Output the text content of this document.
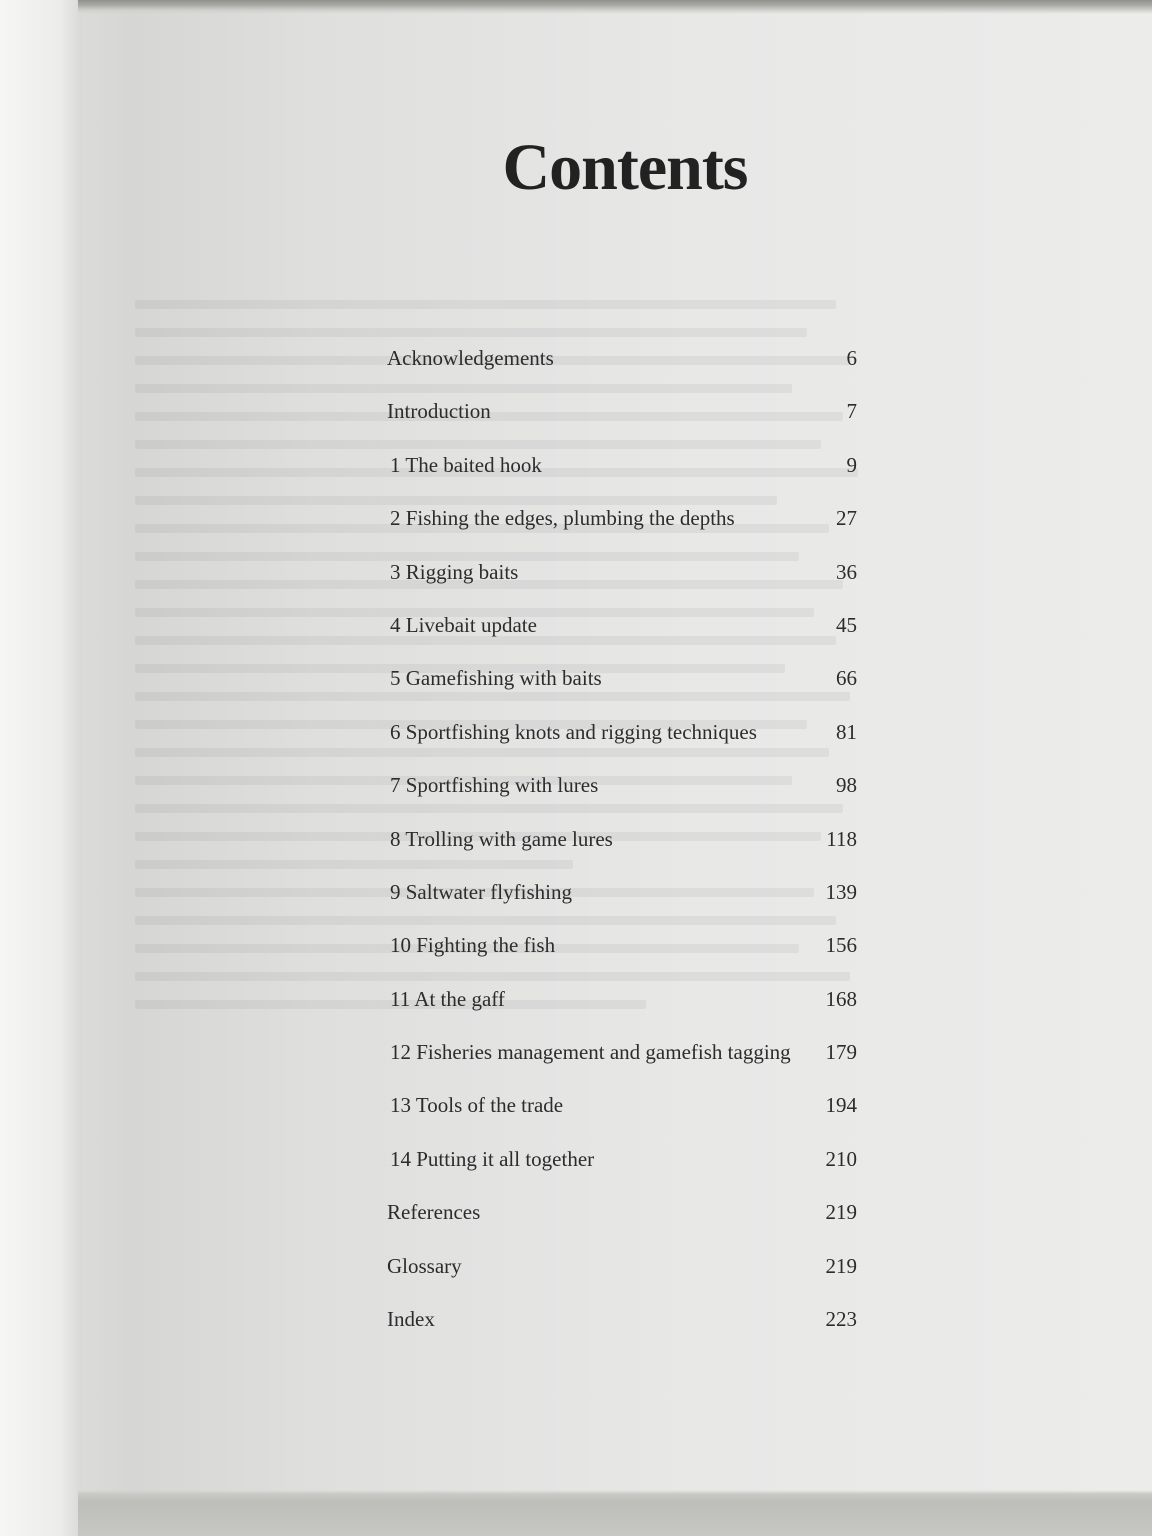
Contents
Acknowledgements	6
Introduction	7
1 The baited hook	9
2 Fishing the edges, plumbing the depths	27
3 Rigging baits	36
4 Livebait update	45
5 Gamefishing with baits	66
6 Sportfishing knots and rigging techniques	81
7 Sportfishing with lures	98
8 Trolling with game lures	118
9 Saltwater flyfishing	139
10 Fighting the fish	156
11 At the gaff	168
12 Fisheries management and gamefish tagging 179
13 Tools of the trade	194
14 Putting it all together	210
References	219
Glossary	219
Index	223
